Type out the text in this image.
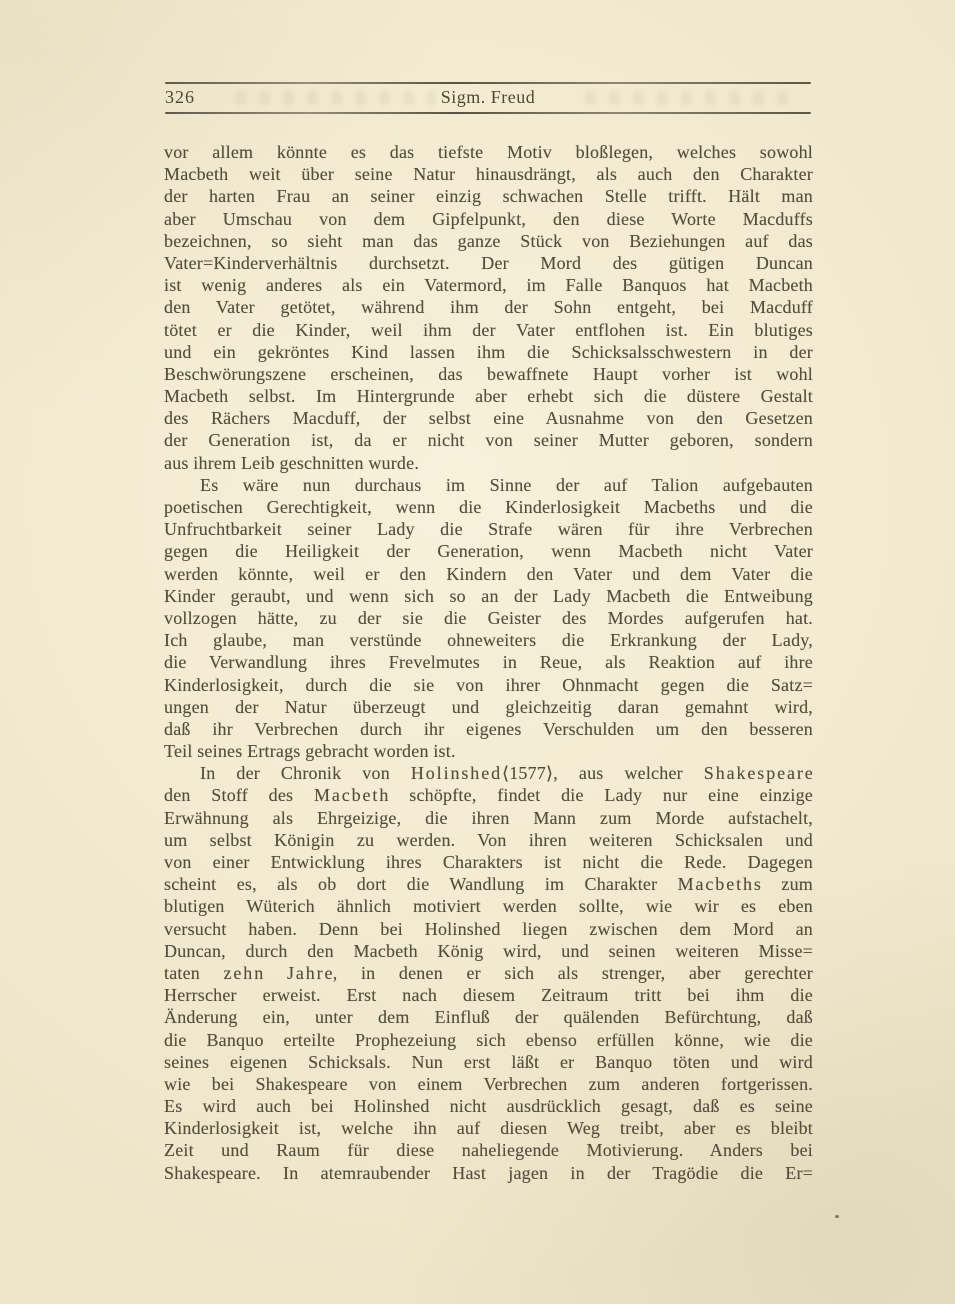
326	Sigm. Freud
vor allem könnte es das tiefste Motiv bloßlegen, welches sowohl
Macbeth weit über seine Natur hinausdrängt, als auch den Charakter
der harten Frau an seiner einzig schwachen Stelle trifft. Hält man
aber Umschau von dem Gipfelpunkt, den diese Worte Macduffs
bezeichnen, so sieht man das ganze Stück von Beziehungen auf das
Vater=Kinderverhältnis durchsetzt. Der Mord des gütigen Duncan
ist wenig anderes als ein Vatermord, im Falle Banquos hat Macbeth
den Vater getötet, während ihm der Sohn entgeht, bei Macduff
tötet er die Kinder, weil ihm der Vater entflohen ist. Ein blutiges
und ein gekröntes Kind lassen ihm die Schicksalsschwestern in der
Beschwörungszene erscheinen, das bewaffnete Haupt vorher ist wohl
Macbeth selbst. Im Hintergrunde aber erhebt sich die düstere Gestalt
des Rächers Macduff, der selbst eine Ausnahme von den Gesetzen
der Generation ist, da er nicht von seiner Mutter geboren, sondern
aus ihrem Leib geschnitten wurde.
Es wäre nun durchaus im Sinne der auf Talion aufgebauten
poetischen Gerechtigkeit, wenn die Kinderlosigkeit Macbeths und die
Unfruchtbarkeit seiner Lady die Strafe wären für ihre Verbrechen
gegen die Heiligkeit der Generation, wenn Macbeth nicht Vater
werden könnte, weil er den Kindern den Vater und dem Vater die
Kinder geraubt, und wenn sich so an der Lady Macbeth die Entweibung
vollzogen hätte, zu der sie die Geister des Mordes aufgerufen hat.
Ich glaube, man verstünde ohneweiters die Erkrankung der Lady,
die Verwandlung ihres Frevelmutes in Reue, als Reaktion auf ihre
Kinderlosigkeit, durch die sie von ihrer Ohnmacht gegen die Satz=
ungen der Natur überzeugt und gleichzeitig daran gemahnt wird,
daß ihr Verbrechen durch ihr eigenes Verschulden um den besseren
Teil seines Ertrags gebracht worden ist.
In der Chronik von H o l i n s h e d ⟨1577⟩, aus welcher S h a k e s p e a r e
den Stoff des M a c b e t h schöpfte, findet die Lady nur eine einzige
Erwähnung als Ehrgeizige, die ihren Mann zum Morde aufstachelt,
um selbst Königin zu werden. Von ihren weiteren Schicksalen und
von einer Entwicklung ihres Charakters ist nicht die Rede. Dagegen
scheint es, als ob dort die Wandlung im Charakter M a c b e t h s zum
blutigen Wüterich ähnlich motiviert werden sollte, wie wir es eben
versucht haben. Denn bei Holinshed liegen zwischen dem Mord an
Duncan, durch den Macbeth König wird, und seinen weiteren Misse=
taten z e h n J a h r e, in denen er sich als strenger, aber gerechter
Herrscher erweist. Erst nach diesem Zeitraum tritt bei ihm die
Änderung ein, unter dem Einfluß der quälenden Befürchtung, daß
die Banquo erteilte Prophezeiung sich ebenso erfüllen könne, wie die
seines eigenen Schicksals. Nun erst läßt er Banquo töten und wird
wie bei Shakespeare von einem Verbrechen zum anderen fortgerissen.
Es wird auch bei Holinshed nicht ausdrücklich gesagt, daß es seine
Kinderlosigkeit ist, welche ihn auf diesen Weg treibt, aber es bleibt
Zeit und Raum für diese naheliegende Motivierung. Anders bei
Shakespeare. In atemraubender Hast jagen in der Tragödie die Er=
